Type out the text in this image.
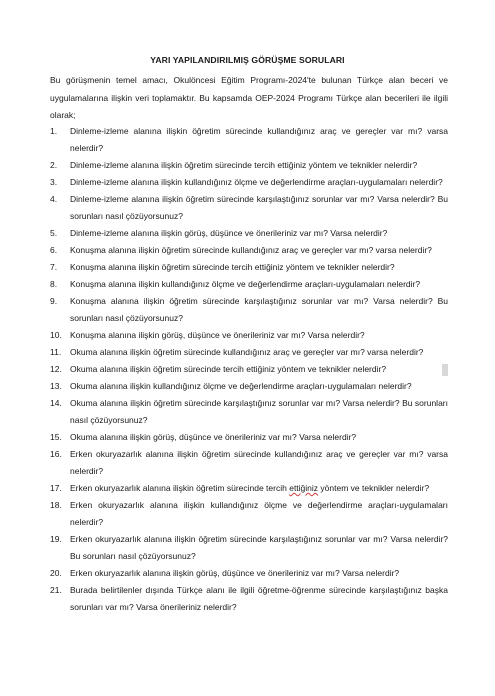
YARI YAPILANDIRILMIŞ GÖRÜŞME SORULARI
Bu görüşmenin temel amacı, Okulöncesi Eğitim Programı-2024'te bulunan Türkçe alan beceri ve uygulamalarına ilişkin veri toplamaktır. Bu kapsamda OEP-2024 Programı Türkçe alan becerileri ile ilgili olarak;
1. Dinleme-izleme alanına ilişkin öğretim sürecinde kullandığınız araç ve gereçler var mı? varsa nelerdir?
2. Dinleme-izleme alanına ilişkin öğretim sürecinde tercih ettiğiniz yöntem ve teknikler nelerdir?
3. Dinleme-izleme alanına ilişkin kullandığınız ölçme ve değerlendirme araçları-uygulamaları nelerdir?
4. Dinleme-izleme alanına ilişkin öğretim sürecinde karşılaştığınız sorunlar var mı? Varsa nelerdir? Bu sorunları nasıl çözüyorsunuz?
5. Dinleme-izleme alanına ilişkin görüş, düşünce ve önerileriniz var mı? Varsa nelerdir?
6. Konuşma alanına ilişkin öğretim sürecinde kullandığınız araç ve gereçler var mı? varsa nelerdir?
7. Konuşma alanına ilişkin öğretim sürecinde tercih ettiğiniz yöntem ve teknikler nelerdir?
8. Konuşma alanına ilişkin kullandığınız ölçme ve değerlendirme araçları-uygulamaları nelerdir?
9. Konuşma alanına ilişkin öğretim sürecinde karşılaştığınız sorunlar var mı? Varsa nelerdir? Bu sorunları nasıl çözüyorsunuz?
10. Konuşma alanına ilişkin görüş, düşünce ve önerileriniz var mı? Varsa nelerdir?
11. Okuma alanına ilişkin öğretim sürecinde kullandığınız araç ve gereçler var mı? varsa nelerdir?
12. Okuma alanına ilişkin öğretim sürecinde tercih ettiğiniz yöntem ve teknikler nelerdir?
13. Okuma alanına ilişkin kullandığınız ölçme ve değerlendirme araçları-uygulamaları nelerdir?
14. Okuma alanına ilişkin öğretim sürecinde karşılaştığınız sorunlar var mı? Varsa nelerdir? Bu sorunları nasıl çözüyorsunuz?
15. Okuma alanına ilişkin görüş, düşünce ve önerileriniz var mı? Varsa nelerdir?
16. Erken okuryazarlık alanına ilişkin öğretim sürecinde kullandığınız araç ve gereçler var mı? varsa nelerdir?
17. Erken okuryazarlık alanına ilişkin öğretim sürecinde tercih ettiğiniz yöntem ve teknikler nelerdir?
18. Erken okuryazarlık alanına ilişkin kullandığınız ölçme ve değerlendirme araçları-uygulamaları nelerdir?
19. Erken okuryazarlık alanına ilişkin öğretim sürecinde karşılaştığınız sorunlar var mı? Varsa nelerdir? Bu sorunları nasıl çözüyorsunuz?
20. Erken okuryazarlık alanına ilişkin görüş, düşünce ve önerileriniz var mı? Varsa nelerdir?
21. Burada belirtilenler dışında Türkçe alanı ile ilgili öğretme-öğrenme sürecinde karşılaştığınız başka sorunları var mı? Varsa önerileriniz nelerdir?
